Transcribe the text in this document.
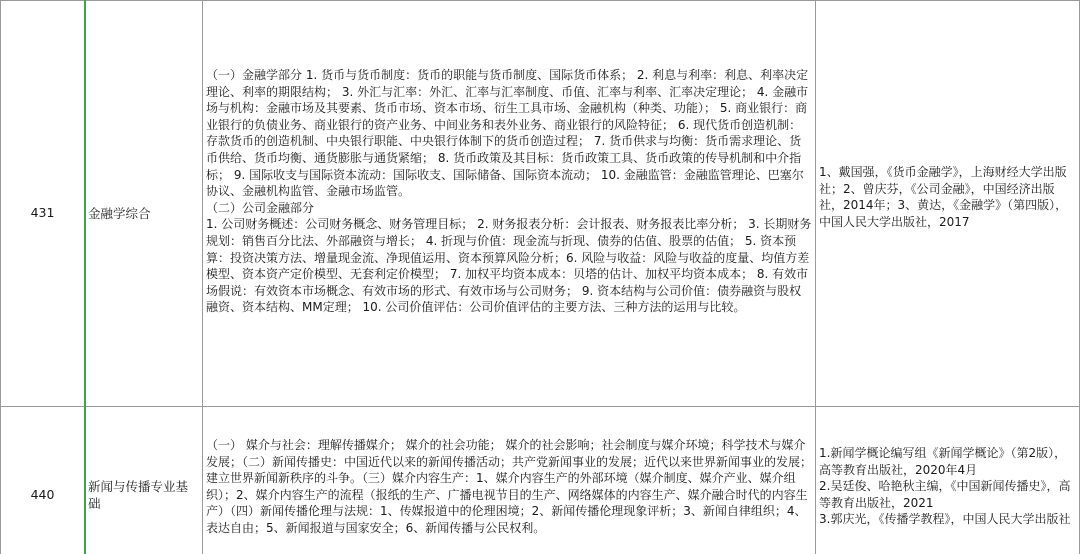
431	金融学综合

（一）金融学部分 1. 货币与货币制度：货币的职能与货币制度、国际货币体系； 2. 利息与利率：利息、利率决定理论、利率的期限结构； 3. 外汇与汇率：外汇、汇率与汇率制度、币值、汇率与利率、汇率决定理论； 4. 金融市场与机构：金融市场及其要素、货币市场、资本市场、衍生工具市场、金融机构（种类、功能）； 5. 商业银行：商业银行的负债业务、商业银行的资产业务、中间业务和表外业务、商业银行的风险特征； 6. 现代货币创造机制：存款货币的创造机制、中央银行职能、中央银行体制下的货币创造过程； 7. 货币供求与均衡：货币需求理论、货币供给、货币均衡、通货膨胀与通货紧缩； 8. 货币政策及其目标：货币政策工具、货币政策的传导机制和中介指标； 9. 国际收支与国际资本流动：国际收支、国际储备、国际资本流动； 10. 金融监管：金融监管理论、巴塞尔协议、金融机构监管、金融市场监管。

（二）公司金融部分

1. 公司财务概述：公司财务概念、财务管理目标； 2. 财务报表分析：会计报表、财务报表比率分析； 3. 长期财务规划：销售百分比法、外部融资与增长； 4. 折现与价值：现金流与折现、债券的估值、股票的估值； 5. 资本预算：投资决策方法、增量现金流、净现值运用、资本预算风险分析；6. 风险与收益：风险与收益的度量、均值方差模型、资本资产定价模型、无套利定价模型； 7. 加权平均资本成本：贝塔的估计、加权平均资本成本； 8. 有效市场假说：有效资本市场概念、有效市场的形式、有效市场与公司财务； 9. 资本结构与公司价值：债券融资与股权融资、资本结构、MM定理； 10. 公司价值评估：公司价值评估的主要方法、三种方法的运用与比较。

1、戴国强，《货币金融学》，上海财经大学出版社；2、曾庆芬，《公司金融》，中国经济出版社，2014年；3、黄达，《金融学》（第四版），中国人民大学出版社，2017
440
新闻与传播专业基础

（一） 媒介与社会：理解传播媒介； 媒介的社会功能； 媒介的社会影响；社会制度与媒介环境；科学技术与媒介发展；（二）新闻传播史：中国近代以来的新闻传播活动；共产党新闻事业的发展；近代以来世界新闻事业的发展；建立世界新闻新秩序的斗争。（三）媒介内容生产：1、媒介内容生产的外部环境（媒介制度、媒介产业、媒介组织）；2、媒介内容生产的流程（报纸的生产、广播电视节目的生产、网络媒体的内容生产、媒介融合时代的内容生产）（四）新闻传播伦理与法规：1、传媒报道中的伦理困境；2、新闻传播伦理现象评析；3、新闻自律组织；4、表达自由；5、新闻报道与国家安全；6、新闻传播与公民权利。

1.新闻学概论编写组《新闻学概论》（第2版），高等教育出版社，2020年4月
2.吴廷俊、哈艳秋主编，《中国新闻传播史》，高等教育出版社，2021
3.郭庆光，《传播学教程》，中国人民大学出版社
